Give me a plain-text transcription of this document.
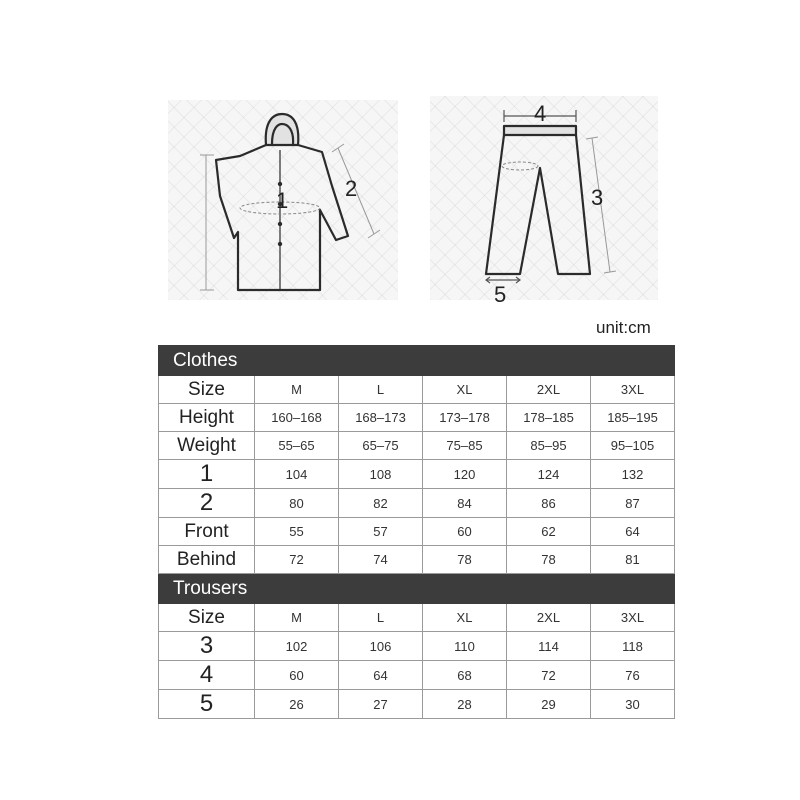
1	2
4
3
5
unit:cm
Clothes					
Size	M	L	XL	2XL	3XL
Height	160–168	168–173	173–178	178–185	185–195
Weight	55–65	65–75	75–85	85–95	95–105
1	104	108	120	124	132
2	80	82	84	86	87
Front	55	57	60	62	64
Behind	72	74	78	78	81
Trousers					
Size	M	L	XL	2XL	3XL
3	102	106	110	114	118
4	60	64	68	72	76
5	26	27	28	29	30
